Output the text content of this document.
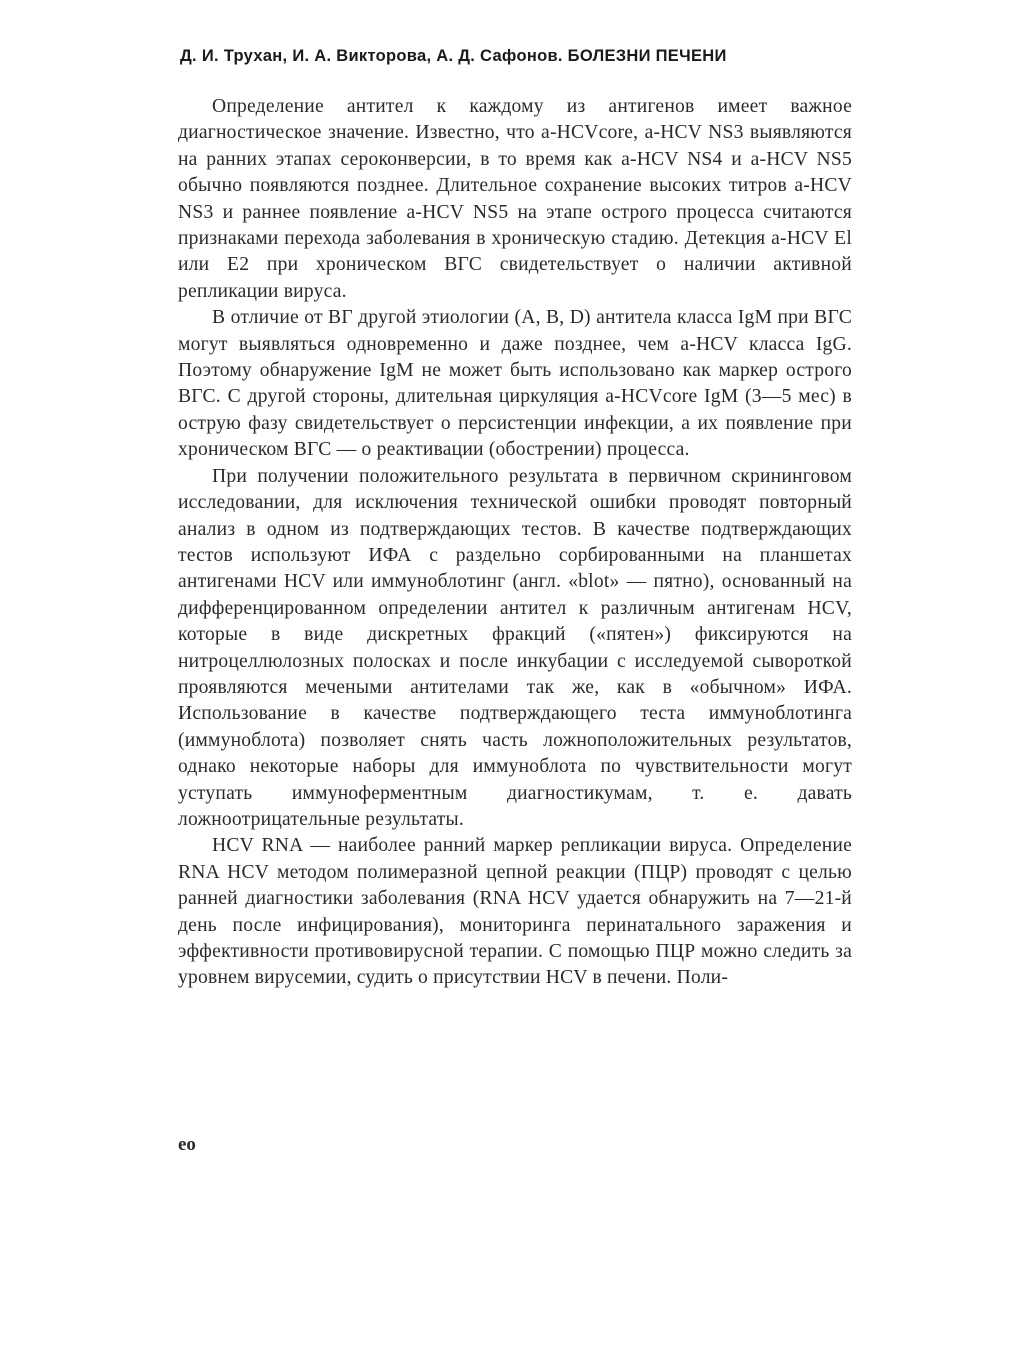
Д. И. Трухан, И. А. Викторова, А. Д. Сафонов. БОЛЕЗНИ ПЕЧЕНИ

Определение антител к каждому из антигенов имеет важное диагностическое значение. Известно, что a-HCVcore, a-HCV NS3 выявляются на ранних этапах сероконверсии, в то время как a-HCV NS4 и a-HCV NS5 обычно появляются позднее. Длительное сохранение высоких титров a-HCV NS3 и раннее появление a-HCV NS5 на этапе острого процесса считаются признаками перехода заболевания в хроническую стадию. Детекция a-HCV El или E2 при хроническом ВГС свидетельствует о наличии активной репликации вируса.

В отличие от ВГ другой этиологии (A, B, D) антитела класса IgM при ВГС могут выявляться одновременно и даже позднее, чем a-HCV класса IgG. Поэтому обнаружение IgM не может быть использовано как маркер острого ВГС. С другой стороны, длительная циркуляция a-HCVcore IgM (3—5 мес) в острую фазу свидетельствует о персистенции инфекции, а их появление при хроническом ВГС — о реактивации (обострении) процесса.

При получении положительного результата в первичном скрининговом исследовании, для исключения технической ошибки проводят повторный анализ в одном из подтверждающих тестов. В качестве подтверждающих тестов используют ИФА с раздельно сорбированными на планшетах антигенами HCV или иммуноблотинг (англ. «blot» — пятно), основанный на дифференцированном определении антител к различным антигенам HCV, которые в виде дискретных фракций («пятен») фиксируются на нитроцеллюлозных полосках и после инкубации с исследуемой сывороткой проявляются мечеными антителами так же, как в «обычном» ИФА. Использование в качестве подтверждающего теста иммуноблотинга (иммуноблота) позволяет снять часть ложноположительных результатов, однако некоторые наборы для иммуноблота по чувствительности могут уступать иммуноферментным диагностикумам, т. е. давать ложноотрицательные результаты.

HCV RNA — наиболее ранний маркер репликации вируса. Определение RNA HCV методом полимеразной цепной реакции (ПЦР) проводят с целью ранней диагностики заболевания (RNA HCV удается обнаружить на 7—21-й день после инфицирования), мониторинга перинатального заражения и эффективности противовирусной терапии. С помощью ПЦР можно следить за уровнем вирусемии, судить о присутствии HCV в печени. Поли-

eo
